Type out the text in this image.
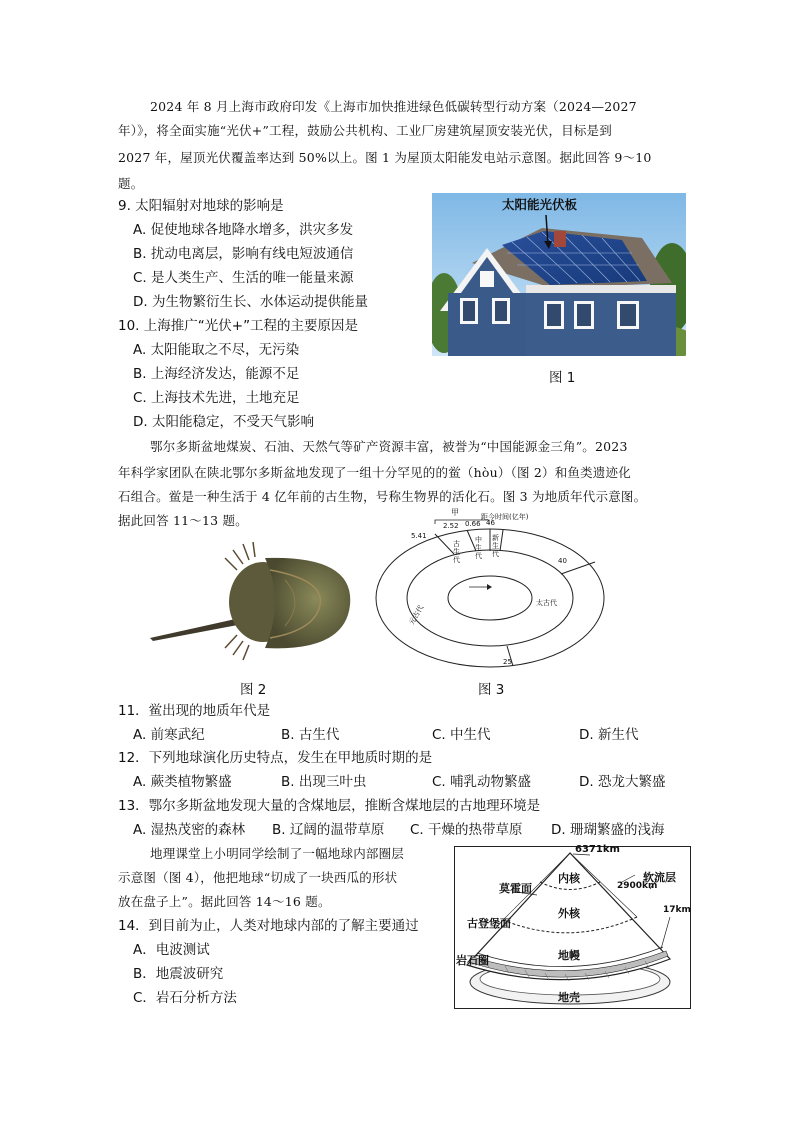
2024 年 8 月上海市政府印发《上海市加快推进绿色低碳转型行动方案（2024—2027
年）》，将全面实施“光伏+”工程，鼓励公共机构、工业厂房建筑屋顶安装光伏，目标是到
2027 年，屋顶光伏覆盖率达到 50%以上。图 1 为屋顶太阳能发电站示意图。据此回答 9～10
题。
9. 太阳辐射对地球的影响是
A. 促使地球各地降水增多，洪灾多发
B. 扰动电离层，影响有线电短波通信
C. 是人类生产、生活的唯一能量来源
D. 为生物繁衍生长、水体运动提供能量
10. 上海推广“光伏+”工程的主要原因是
A. 太阳能取之不尽，无污染
B. 上海经济发达，能源不足
C. 上海技术先进，土地充足
D. 太阳能稳定，不受天气影响
太阳能光伏板
图 1
鄂尔多斯盆地煤炭、石油、天然气等矿产资源丰富，被誉为“中国能源金三角”。2023
年科学家团队在陕北鄂尔多斯盆地发现了一组十分罕见的的鲎（hòu）（图 2）和鱼类遗迹化
石组合。鲎是一种生活于 4 亿年前的古生物，号称生物界的活化石。图 3 为地质年代示意图。
据此回答 11～13 题。
图 2
甲	距今时间(亿年)
5.41
2.52 0.66 46
40
25
古生代
中生代
新生代
太古代
元古代
图 3
11．鲎出现的地质年代是
A. 前寒武纪	B. 古生代	C. 中生代	D. 新生代
12．下列地球演化历史特点，发生在甲地质时期的是
A. 蕨类植物繁盛	B. 出现三叶虫	C. 哺乳动物繁盛	D. 恐龙大繁盛
13．鄂尔多斯盆地发现大量的含煤地层，推断含煤地层的古地理环境是
A. 湿热茂密的森林 B. 辽阔的温带草原 C. 干燥的热带草原 D. 珊瑚繁盛的浅海
地理课堂上小明同学绘制了一幅地球内部圈层
示意图（图 4），他把地球“切成了一块西瓜的形状
放在盘子上”。据此回答 14～16 题。
14．到目前为止，人类对地球内部的了解主要通过
A．电波测试
B．地震波研究
C．岩石分析方法
6371km
内核	软流层
莫霍面	2900km
外核	17km
古登堡面
岩石圈	地幔
地壳
